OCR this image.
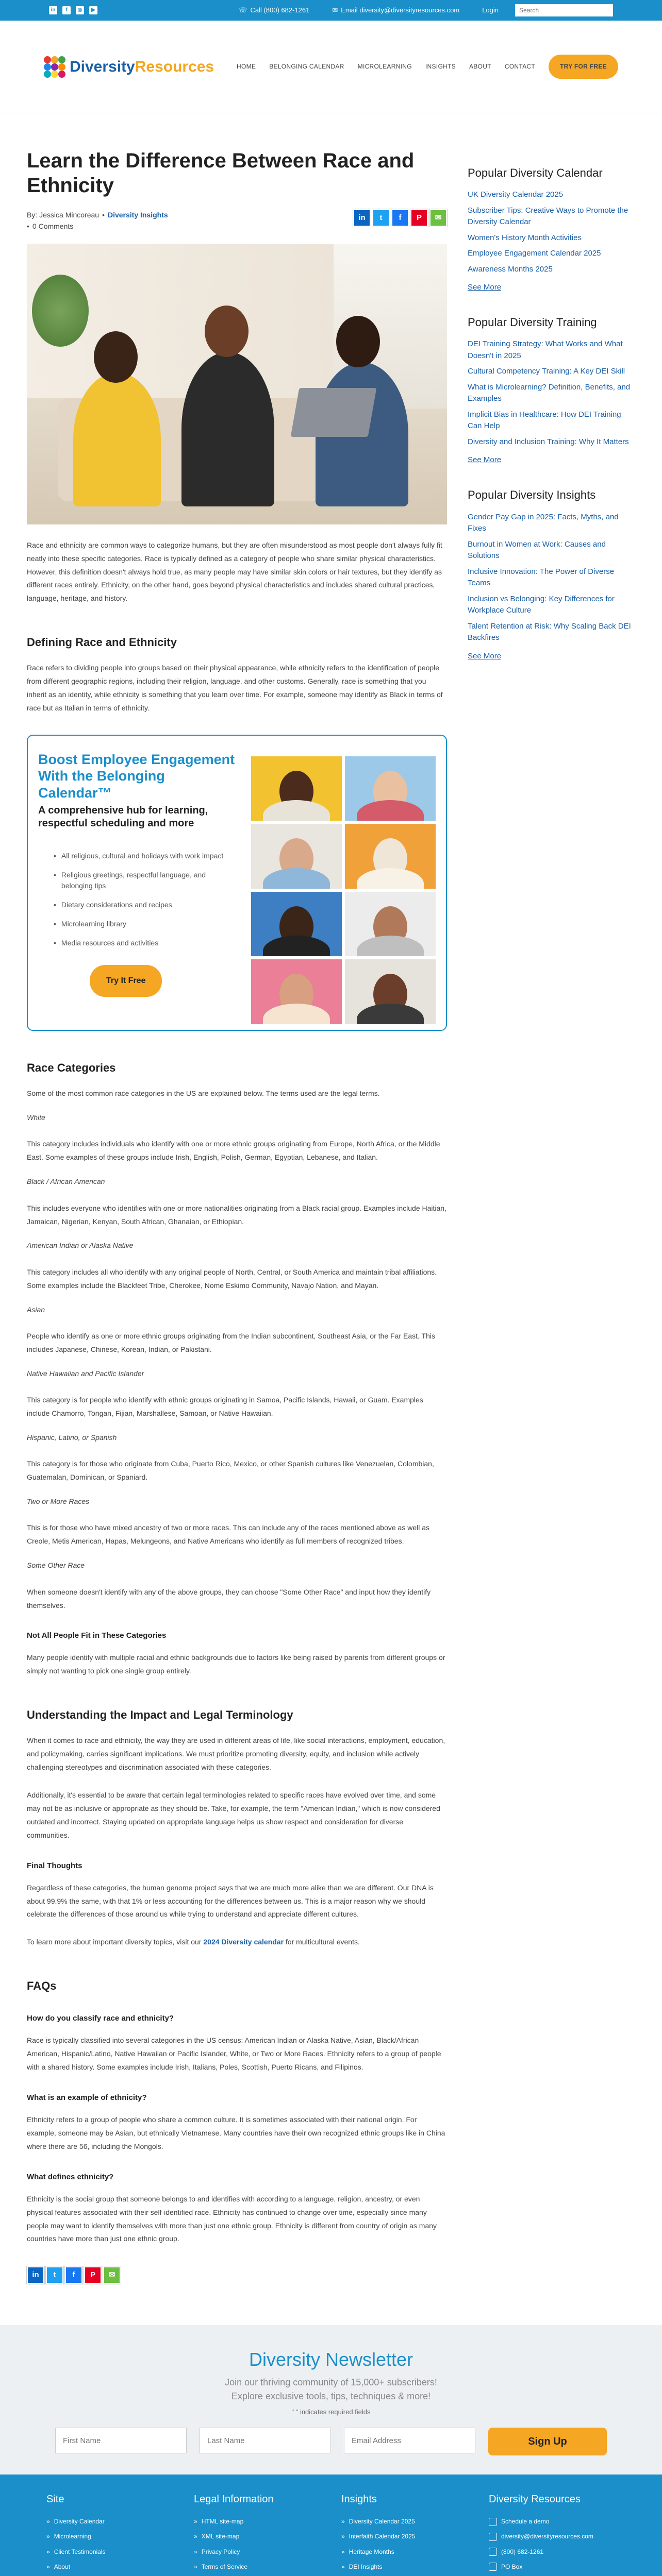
in	f	◎	▶	☏ Call (800) 682-1261	✉ Email diversity@diversityresources.com	Login
Search
DiversityResources	HOME BELONGING CALENDAR MICROLEARNING INSIGHTS ABOUT CONTACT	TRY FOR FREE
Learn the Difference Between Race and Ethnicity
By: Jessica Mincoreau • Diversity Insights
• 0 Comments
in	t	f	P	✉

Race and ethnicity are common ways to categorize humans, but they are often misunderstood as most people don't always fully fit neatly into these specific categories. Race is typically defined as a category of people who share similar physical characteristics. However, this definition doesn't always hold true, as many people may have similar skin colors or hair textures, but they identify as different races entirely. Ethnicity, on the other hand, goes beyond physical characteristics and includes shared cultural practices, language, heritage, and history.

Defining Race and Ethnicity

Race refers to dividing people into groups based on their physical appearance, while ethnicity refers to the identification of people from different geographic regions, including their religion, language, and other customs. Generally, race is something that you inherit as an identity, while ethnicity is something that you learn over time. For example, someone may identify as Black in terms of race but as Italian in terms of ethnicity.

Boost Employee Engagement With the Belonging Calendar™
A comprehensive hub for learning, respectful scheduling and more
• All religious, cultural and holidays with work impact
• Religious greetings, respectful language, and belonging tips
• Dietary considerations and recipes
• Microlearning library
• Media resources and activities
Try It Free
Race Categories

Some of the most common race categories in the US are explained below. The terms used are the legal terms.

White

This category includes individuals who identify with one or more ethnic groups originating from Europe, North Africa, or the Middle East. Some examples of these groups include Irish, English, Polish, German, Egyptian, Lebanese, and Italian.

Black / African American

This includes everyone who identifies with one or more nationalities originating from a Black racial group. Examples include Haitian, Jamaican, Nigerian, Kenyan, South African, Ghanaian, or Ethiopian.

American Indian or Alaska Native

This category includes all who identify with any original people of North, Central, or South America and maintain tribal affiliations. Some examples include the Blackfeet Tribe, Cherokee, Nome Eskimo Community, Navajo Nation, and Mayan.

Asian

People who identify as one or more ethnic groups originating from the Indian subcontinent, Southeast Asia, or the Far East. This includes Japanese, Chinese, Korean, Indian, or Pakistani.

Native Hawaiian and Pacific Islander

This category is for people who identify with ethnic groups originating in Samoa, Pacific Islands, Hawaii, or Guam. Examples include Chamorro, Tongan, Fijian, Marshallese, Samoan, or Native Hawaiian.

Hispanic, Latino, or Spanish

This category is for those who originate from Cuba, Puerto Rico, Mexico, or other Spanish cultures like Venezuelan, Colombian, Guatemalan, Dominican, or Spaniard.

Two or More Races

This is for those who have mixed ancestry of two or more races. This can include any of the races mentioned above as well as Creole, Metis American, Hapas, Melungeons, and Native Americans who identify as full members of recognized tribes.

Some Other Race

When someone doesn't identify with any of the above groups, they can choose "Some Other Race" and input how they identify themselves.

Not All People Fit in These Categories

Many people identify with multiple racial and ethnic backgrounds due to factors like being raised by parents from different groups or simply not wanting to pick one single group entirely.

Understanding the Impact and Legal Terminology

When it comes to race and ethnicity, the way they are used in different areas of life, like social interactions, employment, education, and policymaking, carries significant implications. We must prioritize promoting diversity, equity, and inclusion while actively challenging stereotypes and discrimination associated with these categories.

Additionally, it's essential to be aware that certain legal terminologies related to specific races have evolved over time, and some may not be as inclusive or appropriate as they should be. Take, for example, the term "American Indian," which is now considered outdated and incorrect. Staying updated on appropriate language helps us show respect and consideration for diverse communities.

Final Thoughts

Regardless of these categories, the human genome project says that we are much more alike than we are different. Our DNA is about 99.9% the same, with that 1% or less accounting for the differences between us. This is a major reason why we should celebrate the differences of those around us while trying to understand and appreciate different cultures.

To learn more about important diversity topics, visit our 2024 Diversity calendar for multicultural events.

FAQs
How do you classify race and ethnicity?

Race is typically classified into several categories in the US census: American Indian or Alaska Native, Asian, Black/African American, Hispanic/Latino, Native Hawaiian or Pacific Islander, White, or Two or More Races. Ethnicity refers to a group of people with a shared history. Some examples include Irish, Italians, Poles, Scottish, Puerto Ricans, and Filipinos.

What is an example of ethnicity?

Ethnicity refers to a group of people who share a common culture. It is sometimes associated with their national origin. For example, someone may be Asian, but ethnically Vietnamese. Many countries have their own recognized ethnic groups like in China where there are 56, including the Mongols.

What defines ethnicity?

Ethnicity is the social group that someone belongs to and identifies with according to a language, religion, ancestry, or even physical features associated with their self-identified race. Ethnicity has continued to change over time, especially since many people may want to identify themselves with more than just one ethnic group. Ethnicity is different from country of origin as many countries have more than just one ethnic group.

in	t	f	P	✉
Popular Diversity Calendar
UK Diversity Calendar 2025
Subscriber Tips: Creative Ways to Promote the Diversity Calendar
Women's History Month Activities
Employee Engagement Calendar 2025
Awareness Months 2025
See More
Popular Diversity Training
DEI Training Strategy: What Works and What Doesn't in 2025
Cultural Competency Training: A Key DEI Skill
What is Microlearning? Definition, Benefits, and Examples
Implicit Bias in Healthcare: How DEI Training Can Help
Diversity and Inclusion Training: Why It Matters
See More
Popular Diversity Insights
Gender Pay Gap in 2025: Facts, Myths, and Fixes
Burnout in Women at Work: Causes and Solutions
Inclusive Innovation: The Power of Diverse Teams
Inclusion vs Belonging: Key Differences for Workplace Culture
Talent Retention at Risk: Why Scaling Back DEI Backfires
See More
Diversity Newsletter
Join our thriving community of 15,000+ subscribers!
Explore exclusive tools, tips, techniques & more!
" " indicates required fields
First Name
Last Name
Email Address
Sign Up
Site
» Diversity Calendar
» Microlearning
» Client Testimonials
» About
Legal Information
» HTML site-map
» XML site-map
» Privacy Policy
» Terms of Service
Insights
» Diversity Calendar 2025
» Interfaith Calendar 2025
» Heritage Months
» DEI Insights
Diversity Resources
Schedule a demo
diversity@diversityresources.com
(800) 682-1261
PO Box
